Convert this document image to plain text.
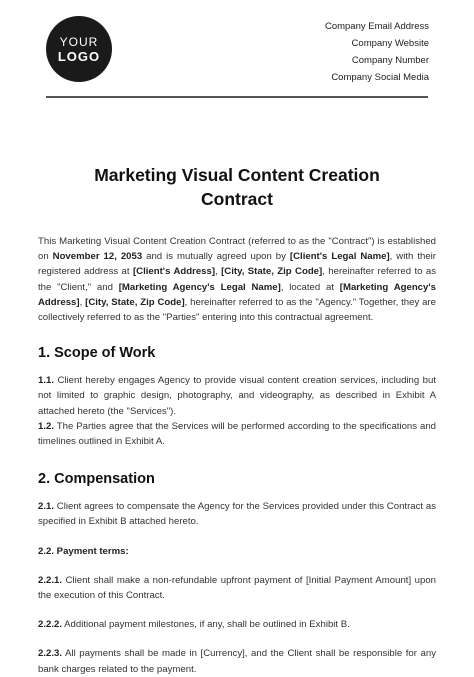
YOUR
LOGO
Company Email Address
Company Website
Company Number
Company Social Media
Marketing Visual Content Creation
Contract

This Marketing Visual Content Creation Contract (referred to as the "Contract") is established on November 12, 2053 and is mutually agreed upon by [Client's Legal Name], with their registered address at [Client's Address], [City, State, Zip Code], hereinafter referred to as the "Client," and [Marketing Agency's Legal Name], located at [Marketing Agency's Address], [City, State, Zip Code], hereinafter referred to as the "Agency." Together, they are collectively referred to as the "Parties" entering into this contractual agreement.

1. Scope of Work

1.1. Client hereby engages Agency to provide visual content creation services, including but not limited to graphic design, photography, and videography, as described in Exhibit A attached hereto (the "Services").

1.2. The Parties agree that the Services will be performed according to the specifications and timelines outlined in Exhibit A.

2. Compensation

2.1. Client agrees to compensate the Agency for the Services provided under this Contract as specified in Exhibit B attached hereto.

2.2. Payment terms:

2.2.1. Client shall make a non-refundable upfront payment of [Initial Payment Amount] upon the execution of this Contract.

2.2.2. Additional payment milestones, if any, shall be outlined in Exhibit B.

2.2.3. All payments shall be made in [Currency], and the Client shall be responsible for any bank charges related to the payment.
